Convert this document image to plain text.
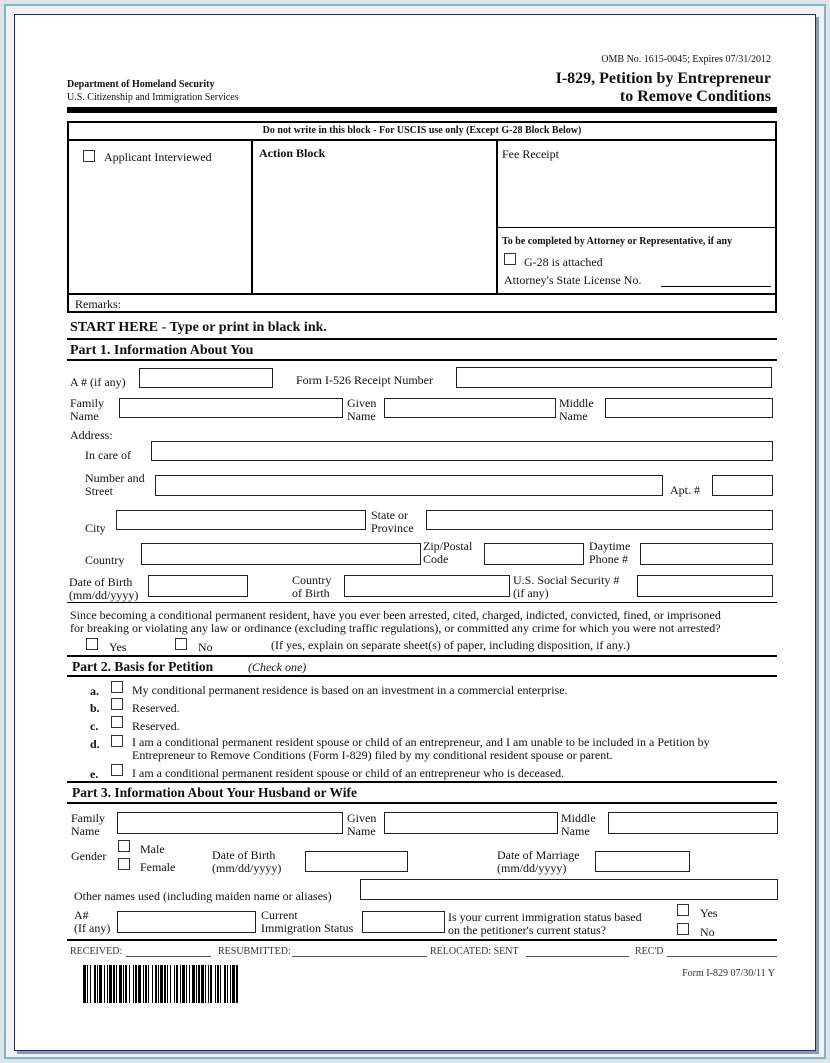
Department of Homeland Security
U.S. Citizenship and Immigration Services
OMB No. 1615-0045; Expires 07/31/2012
I-829, Petition by Entrepreneur
to Remove Conditions
Do not write in this block - For USCIS use only (Except G-28 Block Below)
Applicant Interviewed	Action Block	Fee Receipt
To be completed by Attorney or Representative, if any
G-28 is attached
Attorney's State License No.
Remarks:
START HERE - Type or print in black ink.
Part 1. Information About You
A # (if any)	Form I-526 Receipt Number
Family
Name
Given
Name
Middle
Name
Address:
In care of
Number and
Street	Apt. #
City
State or
Province
Country
Zip/Postal
Code
Daytime
Phone #
Date of Birth
(mm/dd/yyyy)
Country
of Birth
U.S. Social Security #
(if any)
Since becoming a conditional permanent resident, have you ever been arrested, cited, charged, indicted, convicted, fined, or imprisoned
for breaking or violating any law or ordinance (excluding traffic regulations), or committed any crime for which you were not arrested?
Yes	No	(If yes, explain on separate sheet(s) of paper, including disposition, if any.)
Part 2. Basis for Petition	(Check one)
a.	My conditional permanent residence is based on an investment in a commercial enterprise.
b.	Reserved.
c.	Reserved.
d.	I am a conditional permanent resident spouse or child of an entrepreneur, and I am unable to be included in a Petition by
Entrepreneur to Remove Conditions (Form I-829) filed by my conditional resident spouse or parent.
e.	I am a conditional permanent resident spouse or child of an entrepreneur who is deceased.
Part 3. Information About Your Husband or Wife
Family
Name
Given
Name
Middle
Name
Gender	Male
Female
Date of Birth
(mm/dd/yyyy)
Date of Marriage
(mm/dd/yyyy)
Other names used (including maiden name or aliases)
A#
(If any)
Current
Immigration Status
Is your current immigration status based
on the petitioner's current status?
Yes
No
RECEIVED:	RESUBMITTED:	RELOCATED: SENT	REC'D
Form I-829 07/30/11 Y
